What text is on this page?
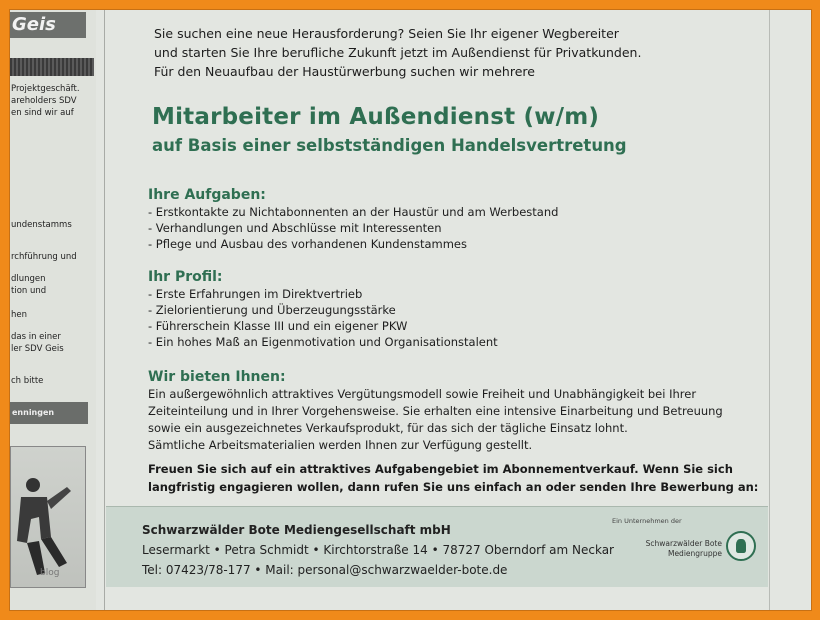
Geis
Projektgeschäft.
areholders SDV
en sind wir auf
undenstamms
rchführung und
dlungen
tion und
hen
das in einer
ler SDV Geis
ch bitte
enningen
blog
Sie suchen eine neue Herausforderung? Seien Sie Ihr eigener Wegbereiter
und starten Sie Ihre berufliche Zukunft jetzt im Außendienst für Privatkunden.
Für den Neuaufbau der Haustürwerbung suchen wir mehrere
Mitarbeiter im Außendienst (w/m)
auf Basis einer selbstständigen Handelsvertretung
Ihre Aufgaben:
- Erstkontakte zu Nichtabonnenten an der Haustür und am Werbestand
- Verhandlungen und Abschlüsse mit Interessenten
- Pflege und Ausbau des vorhandenen Kundenstammes
Ihr Profil:
- Erste Erfahrungen im Direktvertrieb
- Zielorientierung und Überzeugungsstärke
- Führerschein Klasse III und ein eigener PKW
- Ein hohes Maß an Eigenmotivation und Organisationstalent
Wir bieten Ihnen:
Ein außergewöhnlich attraktives Vergütungsmodell sowie Freiheit und Unabhängigkeit bei Ihrer
Zeiteinteilung und in Ihrer Vorgehensweise. Sie erhalten eine intensive Einarbeitung und Betreuung
sowie ein ausgezeichnetes Verkaufsprodukt, für das sich der tägliche Einsatz lohnt.
Sämtliche Arbeitsmaterialien werden Ihnen zur Verfügung gestellt.
Freuen Sie sich auf ein attraktives Aufgabengebiet im Abonnementverkauf. Wenn Sie sich
langfristig engagieren wollen, dann rufen Sie uns einfach an oder senden Ihre Bewerbung an:
Schwarzwälder Bote Mediengesellschaft mbH
Lesermarkt • Petra Schmidt • Kirchtorstraße 14 • 78727 Oberndorf am Neckar
Tel: 07423/78-177 • Mail: personal@schwarzwaelder-bote.de
Ein Unternehmen der
Schwarzwälder Bote
Mediengruppe
